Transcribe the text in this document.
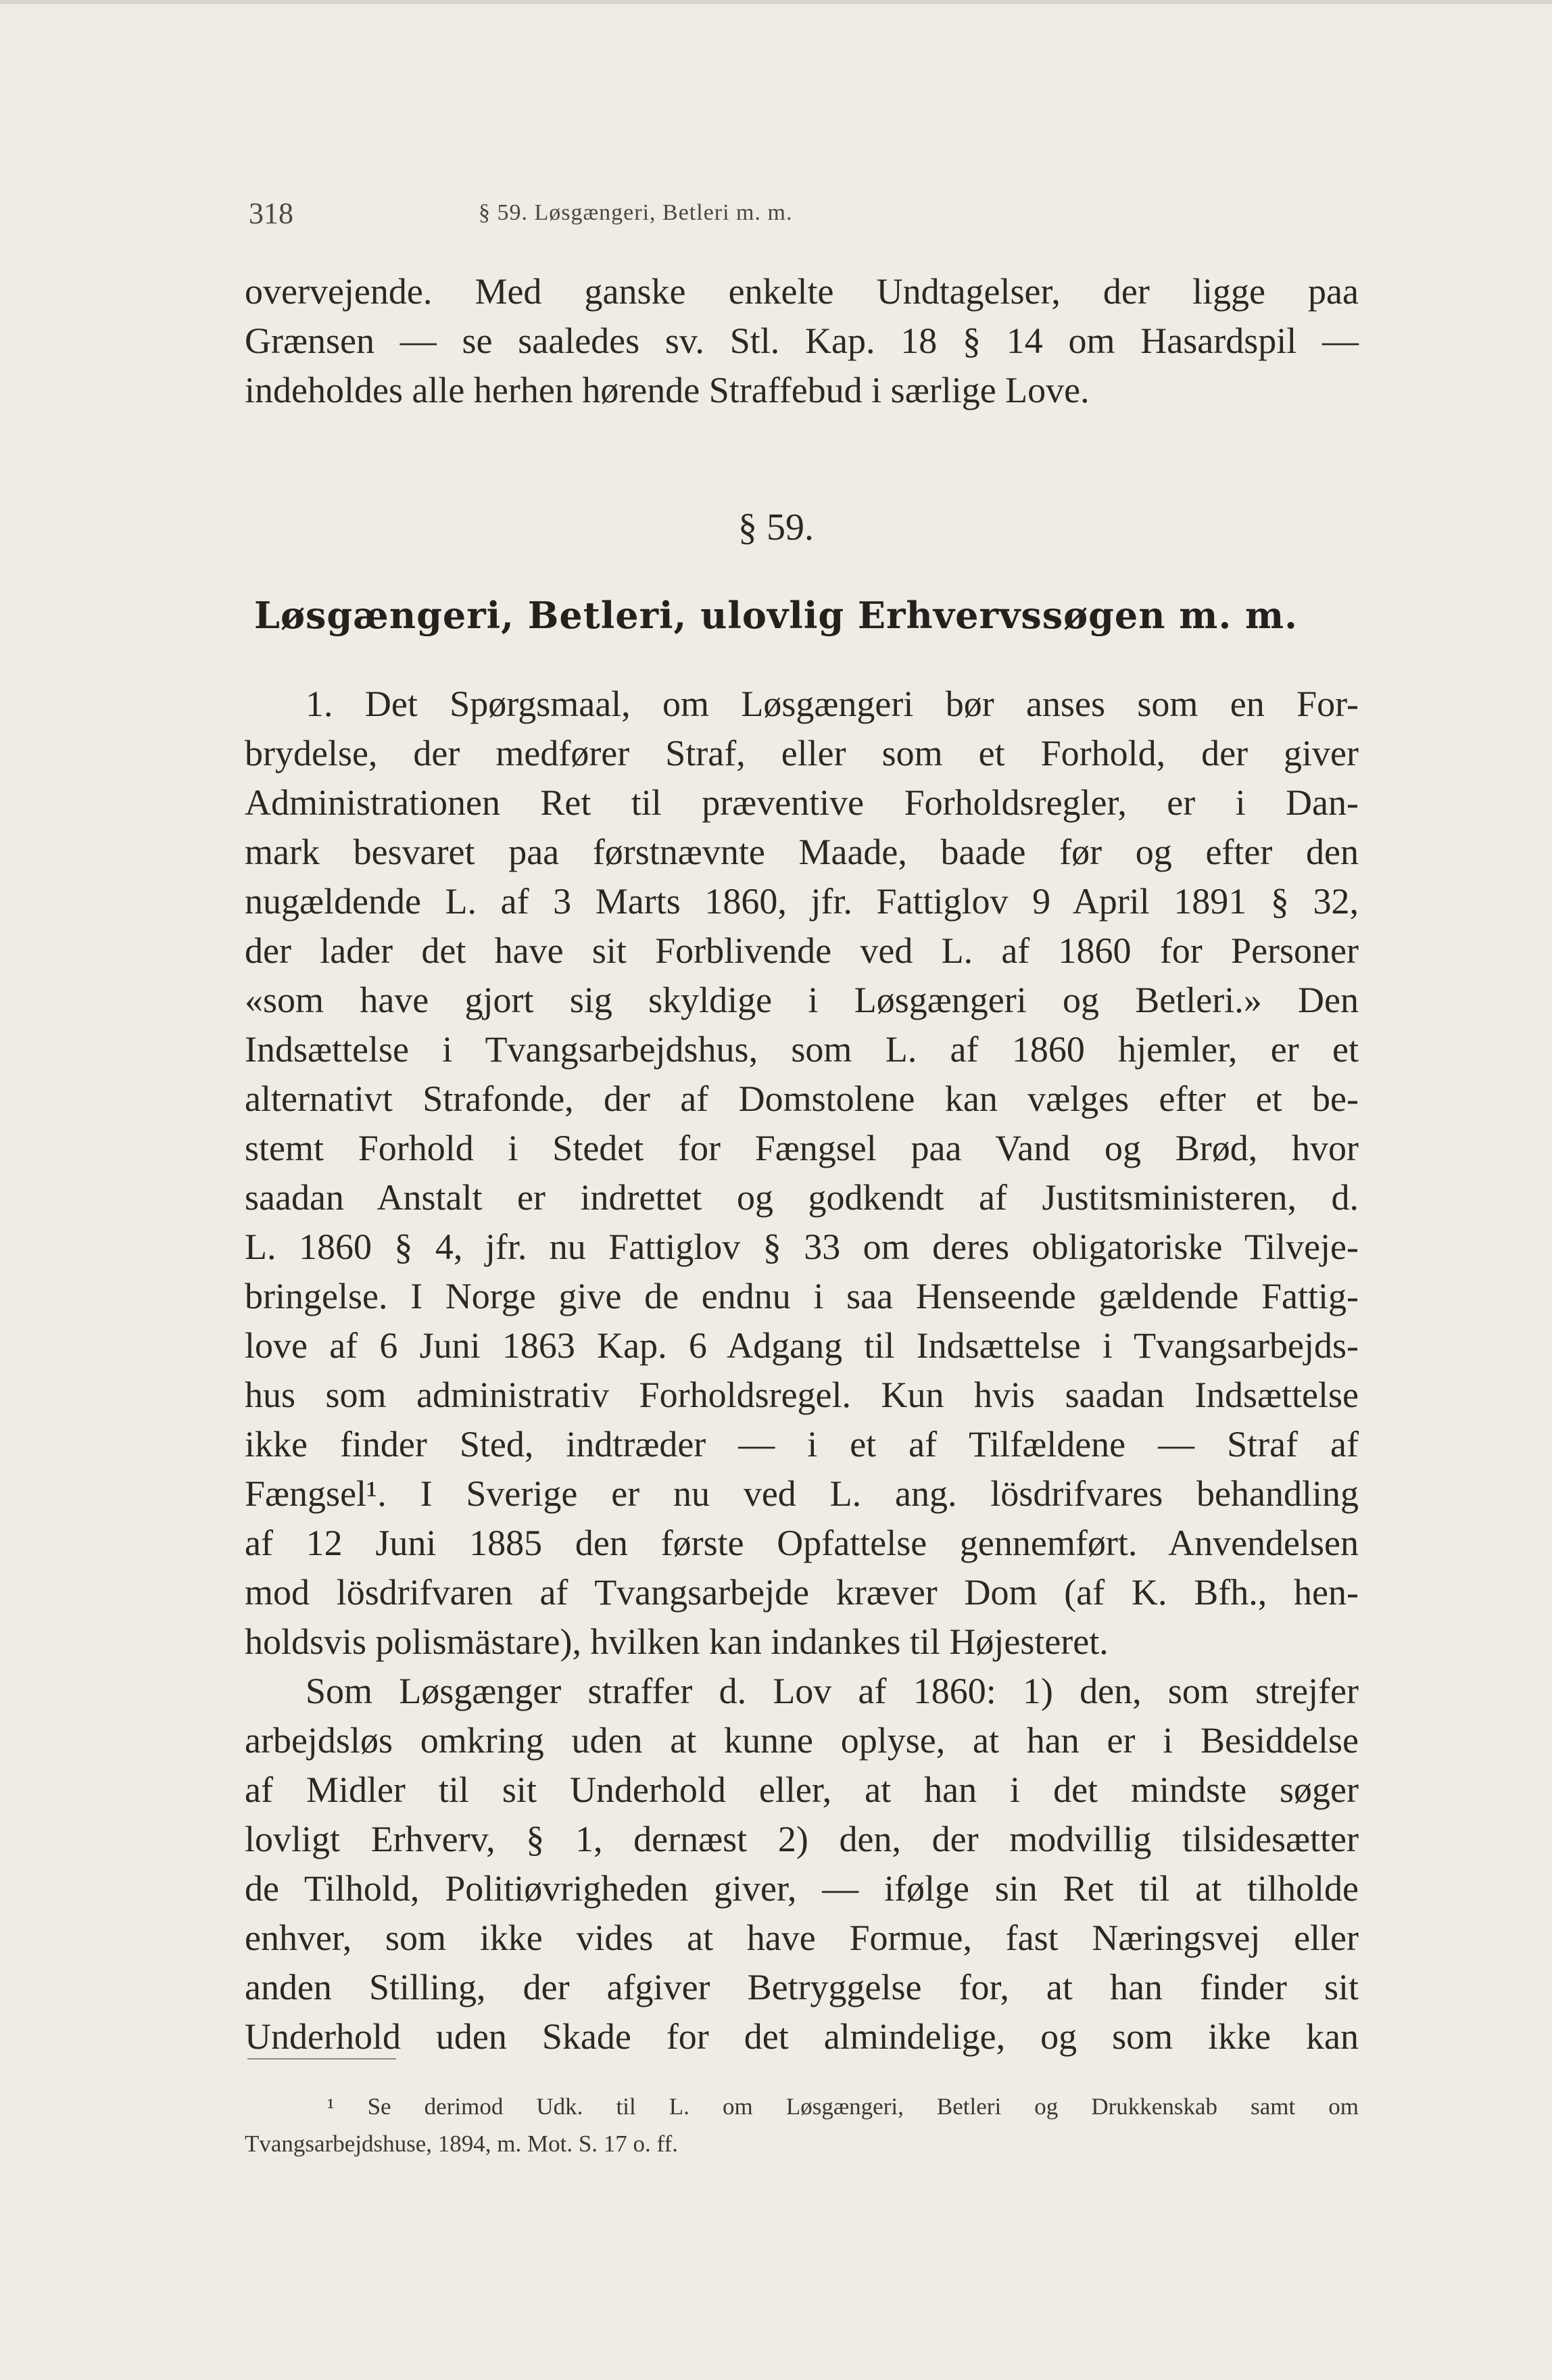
318	§ 59. Løsgængeri, Betleri m. m.
overvejende. Med ganske enkelte Undtagelser, der ligge paa
Grænsen — se saaledes sv. Stl. Kap. 18 § 14 om Hasardspil —
indeholdes alle herhen hørende Straffebud i særlige Love.
§ 59.
Løsgængeri, Betleri, ulovlig Erhvervssøgen m. m.
1. Det Spørgsmaal, om Løsgængeri bør anses som en For-
brydelse, der medfører Straf, eller som et Forhold, der giver
Administrationen Ret til præventive Forholdsregler, er i Dan-
mark besvaret paa førstnævnte Maade, baade før og efter den
nugældende L. af 3 Marts 1860, jfr. Fattiglov 9 April 1891 § 32,
der lader det have sit Forblivende ved L. af 1860 for Personer
«som have gjort sig skyldige i Løsgængeri og Betleri.» Den
Indsættelse i Tvangsarbejdshus, som L. af 1860 hjemler, er et
alternativt Strafonde, der af Domstolene kan vælges efter et be-
stemt Forhold i Stedet for Fængsel paa Vand og Brød, hvor
saadan Anstalt er indrettet og godkendt af Justitsministeren, d.
L. 1860 § 4, jfr. nu Fattiglov § 33 om deres obligatoriske Tilveje-
bringelse. I Norge give de endnu i saa Henseende gældende Fattig-
love af 6 Juni 1863 Kap. 6 Adgang til Indsættelse i Tvangsarbejds-
hus som administrativ Forholdsregel. Kun hvis saadan Indsættelse
ikke finder Sted, indtræder — i et af Tilfældene — Straf af
Fængsel¹. I Sverige er nu ved L. ang. lösdrifvares behandling
af 12 Juni 1885 den første Opfattelse gennemført. Anvendelsen
mod lösdrifvaren af Tvangsarbejde kræver Dom (af K. Bfh., hen-
holdsvis polismästare), hvilken kan indankes til Højesteret.
Som Løsgænger straffer d. Lov af 1860: 1) den, som strejfer
arbejdsløs omkring uden at kunne oplyse, at han er i Besiddelse
af Midler til sit Underhold eller, at han i det mindste søger
lovligt Erhverv, § 1, dernæst 2) den, der modvillig tilsidesætter
de Tilhold, Politiøvrigheden giver, — ifølge sin Ret til at tilholde
enhver, som ikke vides at have Formue, fast Næringsvej eller
anden Stilling, der afgiver Betryggelse for, at han finder sit
Underhold uden Skade for det almindelige, og som ikke kan
¹ Se derimod Udk. til L. om Løsgængeri, Betleri og Drukkenskab samt om
Tvangsarbejdshuse, 1894, m. Mot. S. 17 o. ff.
